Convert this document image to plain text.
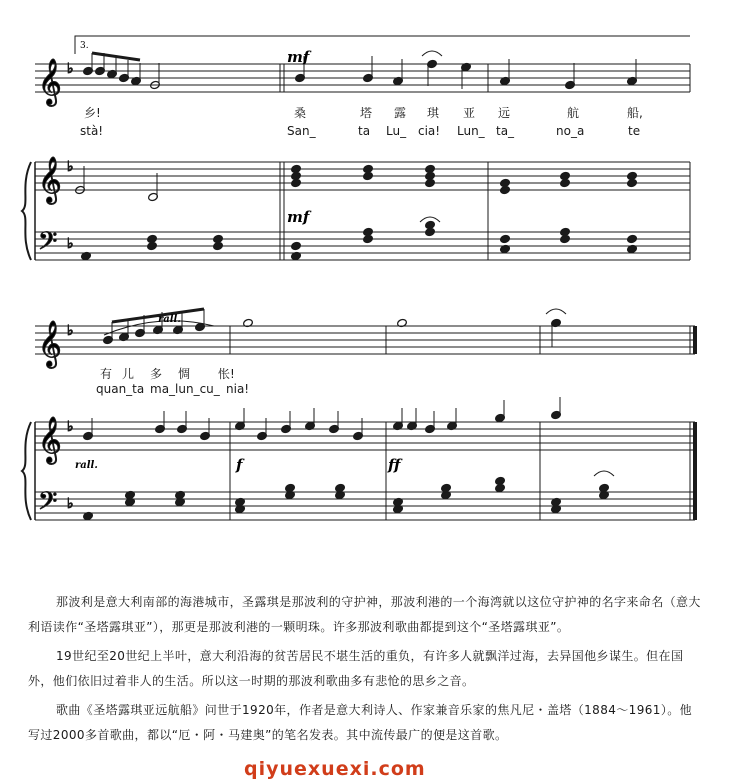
𝄞 ♭
𝄞 ♭
𝄢 ♭
𝄞 ♭
𝄞 ♭
𝄢 ♭
3.
mf
mf
f	ff
rall.
rall.
乡!	桑	塔 露 琪 亚 远	航	船,
stà!	San_	ta Lu_ cia! Lun_ ta_	no_a	te
有 儿 多 惆 怅!
quan_ta ma_lun_cu_ nia!

那波利是意大利南部的海港城市，圣露琪是那波利的守护神，那波利港的一个海湾就以这位守护神的名字来命名（意大利语读作“圣塔露琪亚”），那更是那波利港的一颗明珠。许多那波利歌曲都提到这个“圣塔露琪亚”。

19世纪至20世纪上半叶，意大利沿海的贫苦居民不堪生活的重负，有许多人就飘洋过海，去异国他乡谋生。但在国外，他们依旧过着非人的生活。所以这一时期的那波利歌曲多有悲怆的思乡之音。

歌曲《圣塔露琪亚远航船》问世于1920年，作者是意大利诗人、作家兼音乐家的焦凡尼・盖塔（1884～1961）。他写过2000多首歌曲，都以“厄・阿・马建奥”的笔名发表。其中流传最广的便是这首歌。

qiyuexuexi.com
